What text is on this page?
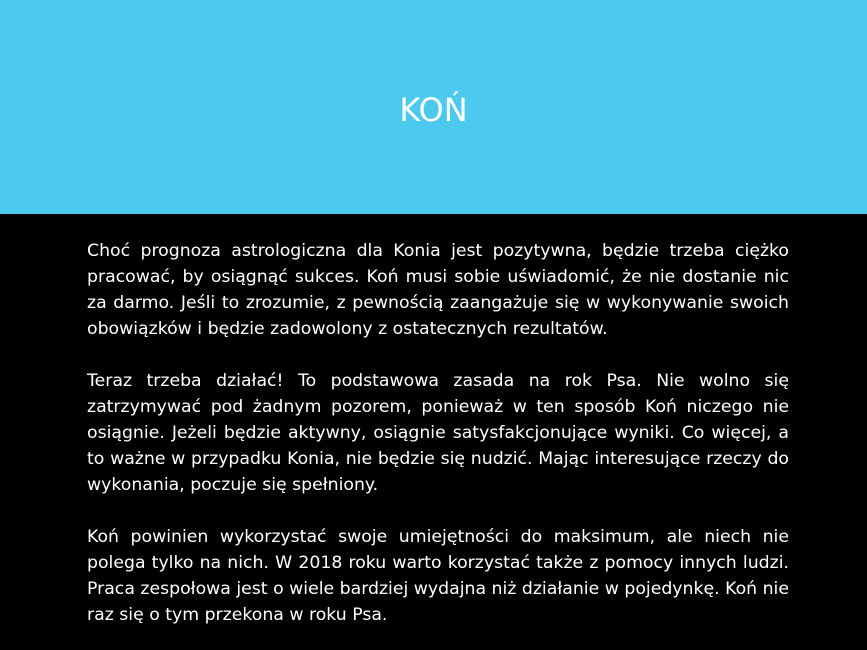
KOŃ

Choć prognoza astrologiczna dla Konia jest pozytywna, będzie trzeba ciężko pracować, by osiągnąć sukces. Koń musi sobie uświadomić, że nie dostanie nic za darmo. Jeśli to zrozumie, z pewnością zaangażuje się w wykonywanie swoich obowiązków i będzie zadowolony z ostatecznych rezultatów.

Teraz trzeba działać! To podstawowa zasada na rok Psa. Nie wolno się zatrzymywać pod żadnym pozorem, ponieważ w ten sposób Koń niczego nie osiągnie. Jeżeli będzie aktywny, osiągnie satysfakcjonujące wyniki. Co więcej, a to ważne w przypadku Konia, nie będzie się nudzić. Mając interesujące rzeczy do wykonania, poczuje się spełniony.

Koń powinien wykorzystać swoje umiejętności do maksimum, ale niech nie polega tylko na nich. W 2018 roku warto korzystać także z pomocy innych ludzi. Praca zespołowa jest o wiele bardziej wydajna niż działanie w pojedynkę. Koń nie raz się o tym przekona w roku Psa.
